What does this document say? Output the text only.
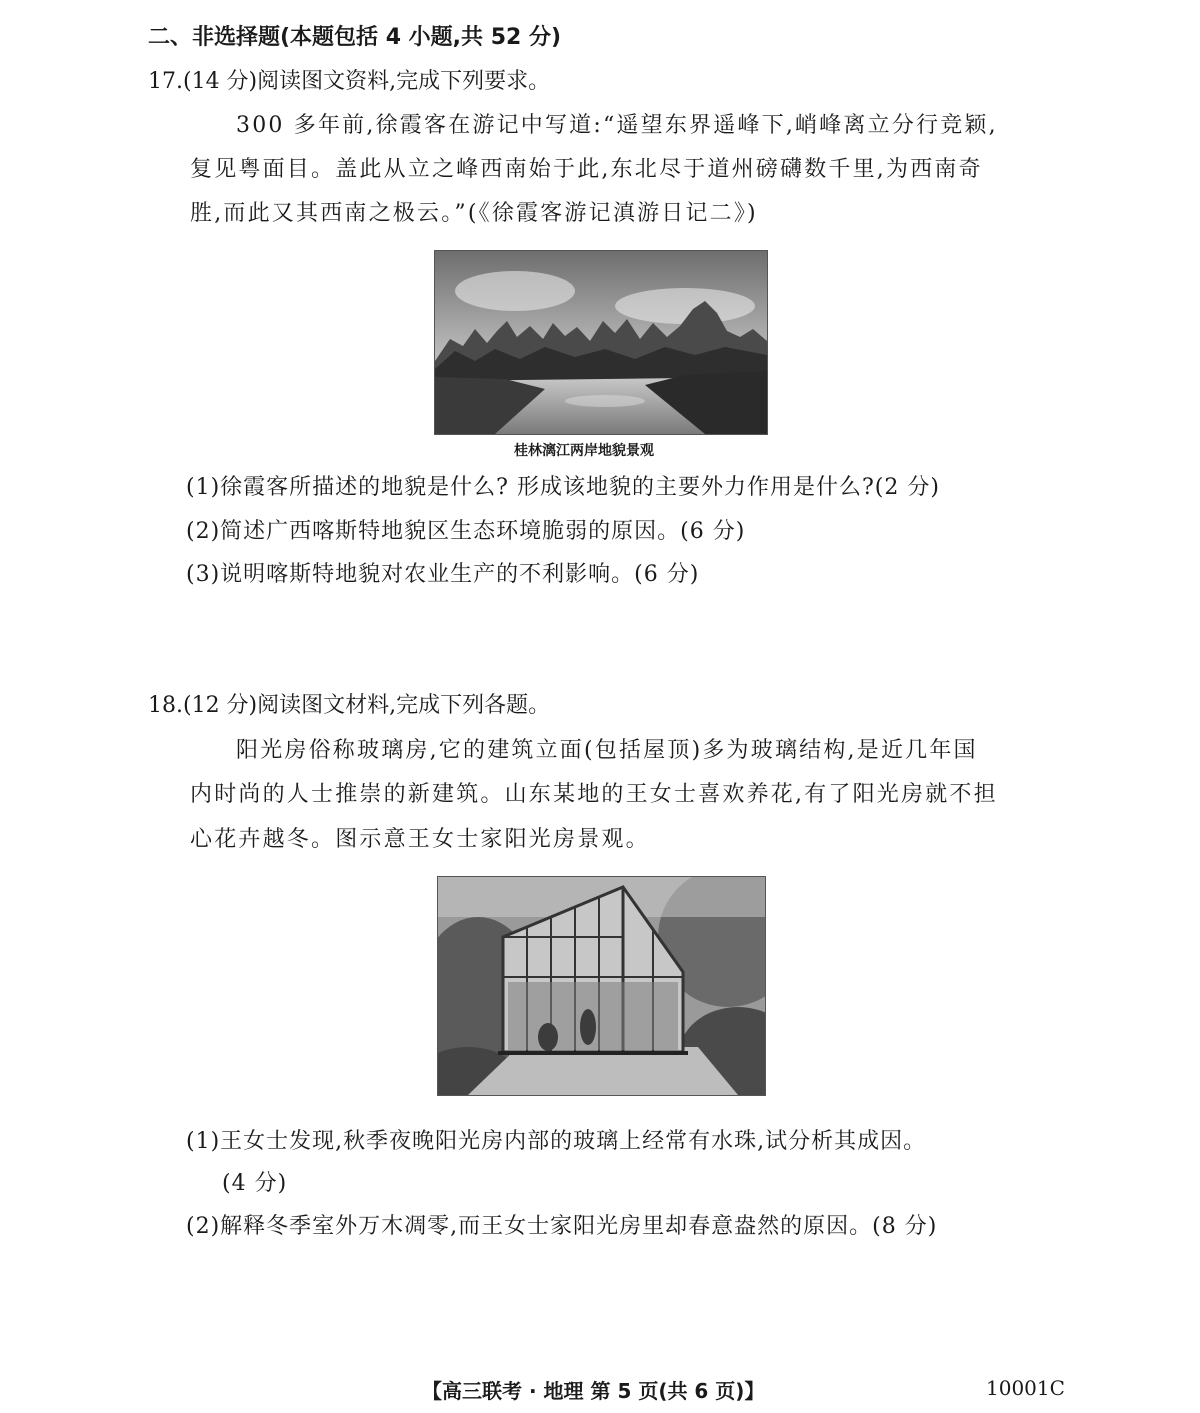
二、非选择题(本题包括 4 小题,共 52 分)
17.(14 分)阅读图文资料,完成下列要求。
300 多年前,徐霞客在游记中写道:“遥望东界遥峰下,峭峰离立分行竞颖,
复见粤面目。盖此从立之峰西南始于此,东北尽于道州磅礴数千里,为西南奇
胜,而此又其西南之极云。”(《徐霞客游记滇游日记二》)
桂林漓江两岸地貌景观
(1)徐霞客所描述的地貌是什么? 形成该地貌的主要外力作用是什么?(2 分)
(2)简述广西喀斯特地貌区生态环境脆弱的原因。(6 分)
(3)说明喀斯特地貌对农业生产的不利影响。(6 分)
18.(12 分)阅读图文材料,完成下列各题。
阳光房俗称玻璃房,它的建筑立面(包括屋顶)多为玻璃结构,是近几年国
内时尚的人士推崇的新建筑。山东某地的王女士喜欢养花,有了阳光房就不担
心花卉越冬。图示意王女士家阳光房景观。
(1)王女士发现,秋季夜晚阳光房内部的玻璃上经常有水珠,试分析其成因。
(4 分)
(2)解释冬季室外万木凋零,而王女士家阳光房里却春意盎然的原因。(8 分)
【高三联考 · 地理 第 5 页(共 6 页)】	10001C
